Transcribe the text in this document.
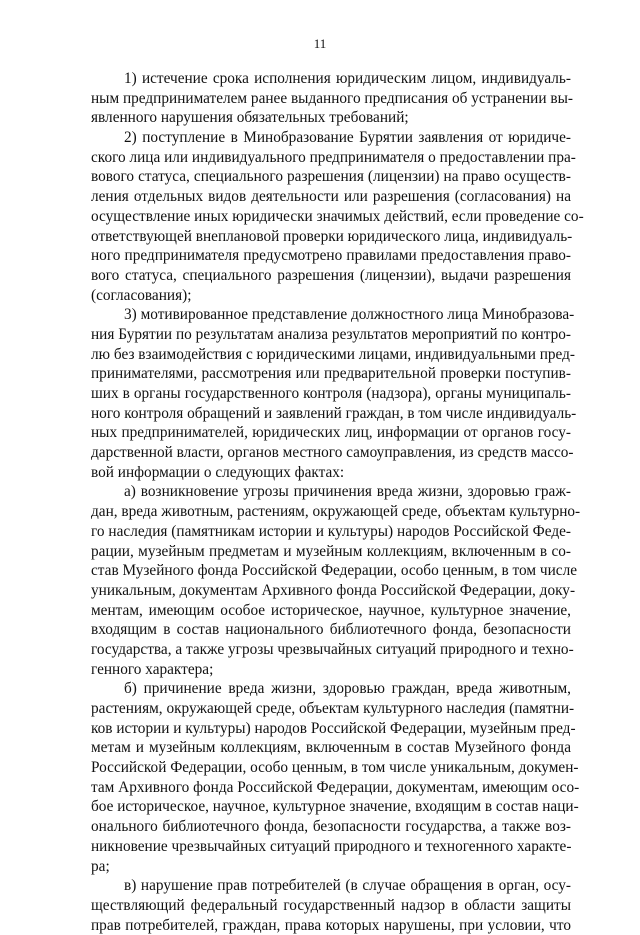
11
1) истечение срока исполнения юридическим лицом, индивидуаль-
ным предпринимателем ранее выданного предписания об устранении вы-
явленного нарушения обязательных требований;
2) поступление в Минобразование Бурятии заявления от юридиче-
ского лица или индивидуального предпринимателя о предоставлении пра-
вового статуса, специального разрешения (лицензии) на право осуществ-
ления отдельных видов деятельности или разрешения (согласования) на
осуществление иных юридически значимых действий, если проведение со-
ответствующей внеплановой проверки юридического лица, индивидуаль-
ного предпринимателя предусмотрено правилами предоставления право-
вого статуса, специального разрешения (лицензии), выдачи разрешения
(согласования);
3) мотивированное представление должностного лица Минобразова-
ния Бурятии по результатам анализа результатов мероприятий по контро-
лю без взаимодействия с юридическими лицами, индивидуальными пред-
принимателями, рассмотрения или предварительной проверки поступив-
ших в органы государственного контроля (надзора), органы муниципаль-
ного контроля обращений и заявлений граждан, в том числе индивидуаль-
ных предпринимателей, юридических лиц, информации от органов госу-
дарственной власти, органов местного самоуправления, из средств массо-
вой информации о следующих фактах:
а) возникновение угрозы причинения вреда жизни, здоровью граж-
дан, вреда животным, растениям, окружающей среде, объектам культурно-
го наследия (памятникам истории и культуры) народов Российской Феде-
рации, музейным предметам и музейным коллекциям, включенным в со-
став Музейного фонда Российской Федерации, особо ценным, в том числе
уникальным, документам Архивного фонда Российской Федерации, доку-
ментам, имеющим особое историческое, научное, культурное значение,
входящим в состав национального библиотечного фонда, безопасности
государства, а также угрозы чрезвычайных ситуаций природного и техно-
генного характера;
б) причинение вреда жизни, здоровью граждан, вреда животным,
растениям, окружающей среде, объектам культурного наследия (памятни-
ков истории и культуры) народов Российской Федерации, музейным пред-
метам и музейным коллекциям, включенным в состав Музейного фонда
Российской Федерации, особо ценным, в том числе уникальным, докумен-
там Архивного фонда Российской Федерации, документам, имеющим осо-
бое историческое, научное, культурное значение, входящим в состав наци-
онального библиотечного фонда, безопасности государства, а также воз-
никновение чрезвычайных ситуаций природного и техногенного характе-
ра;
в) нарушение прав потребителей (в случае обращения в орган, осу-
ществляющий федеральный государственный надзор в области защиты
прав потребителей, граждан, права которых нарушены, при условии, что
